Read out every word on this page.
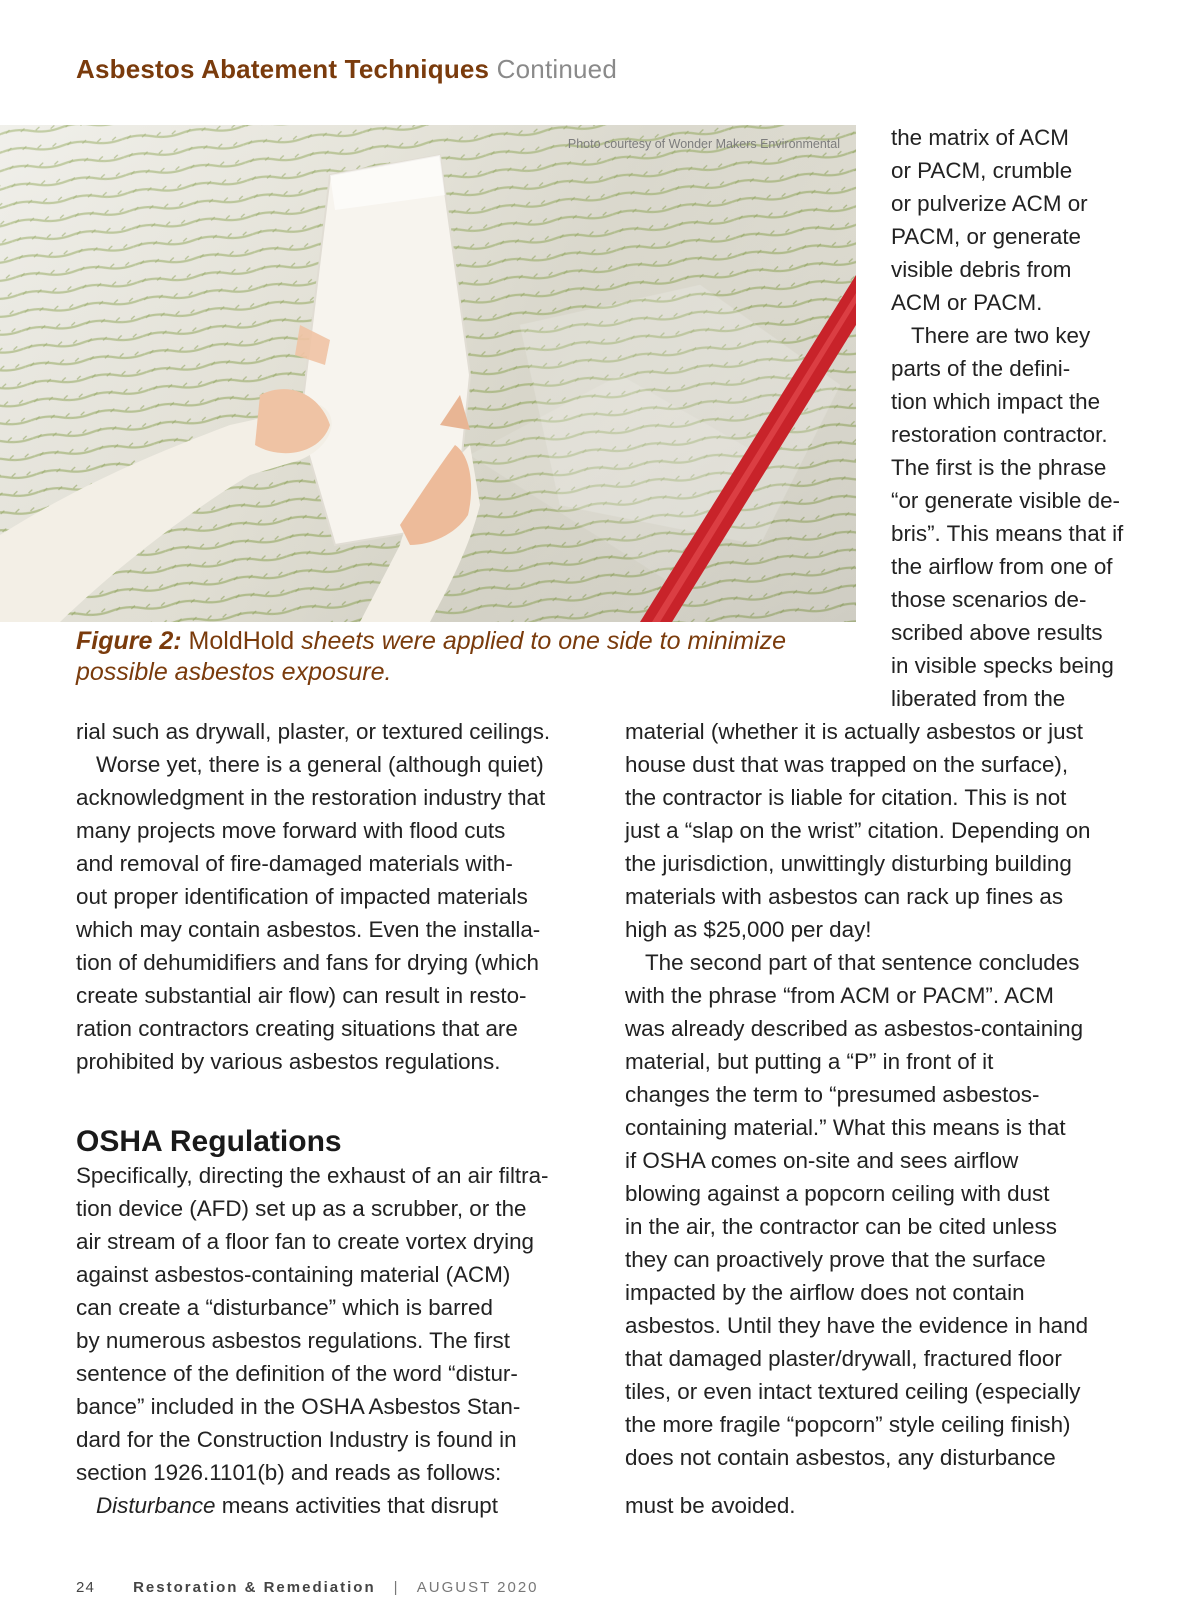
Asbestos Abatement Techniques Continued
Photo courtesy of Wonder Makers Environmental
Figure 2: MoldHold sheets were applied to one side to minimize possible asbestos exposure.
the matrix of ACM
or PACM, crumble
or pulverize ACM or
PACM, or generate
visible debris from
ACM or PACM.
There are two key
parts of the defini-
tion which impact the
restoration contractor.
The first is the phrase
“or generate visible de-
bris”. This means that if
the airflow from one of
those scenarios de-
scribed above results
in visible specks being
liberated from the
rial such as drywall, plaster, or textured ceilings.
Worse yet, there is a general (although quiet)
acknowledgment in the restoration industry that
many projects move forward with flood cuts
and removal of fire-damaged materials with-
out proper identification of impacted materials
which may contain asbestos. Even the installa-
tion of dehumidifiers and fans for drying (which
create substantial air flow) can result in resto-
ration contractors creating situations that are
prohibited by various asbestos regulations.
OSHA Regulations
Specifically, directing the exhaust of an air filtra-
tion device (AFD) set up as a scrubber, or the
air stream of a floor fan to create vortex drying
against asbestos-containing material (ACM)
can create a “disturbance” which is barred
by numerous asbestos regulations. The first
sentence of the definition of the word “distur-
bance” included in the OSHA Asbestos Stan-
dard for the Construction Industry is found in
section 1926.1101(b) and reads as follows:
Disturbance means activities that disrupt
material (whether it is actually asbestos or just
house dust that was trapped on the surface),
the contractor is liable for citation. This is not
just a “slap on the wrist” citation. Depending on
the jurisdiction, unwittingly disturbing building
materials with asbestos can rack up fines as
high as $25,000 per day!
The second part of that sentence concludes
with the phrase “from ACM or PACM”. ACM
was already described as asbestos-containing
material, but putting a “P” in front of it
changes the term to “presumed asbestos-
containing material.” What this means is that
if OSHA comes on-site and sees airflow
blowing against a popcorn ceiling with dust
in the air, the contractor can be cited unless
they can proactively prove that the surface
impacted by the airflow does not contain
asbestos. Until they have the evidence in hand
that damaged plaster/drywall, fractured floor
tiles, or even intact textured ceiling (especially
the more fragile “popcorn” style ceiling finish)
does not contain asbestos, any disturbance
must be avoided.
24	Restoration & Remediation | AUGUST 2020
